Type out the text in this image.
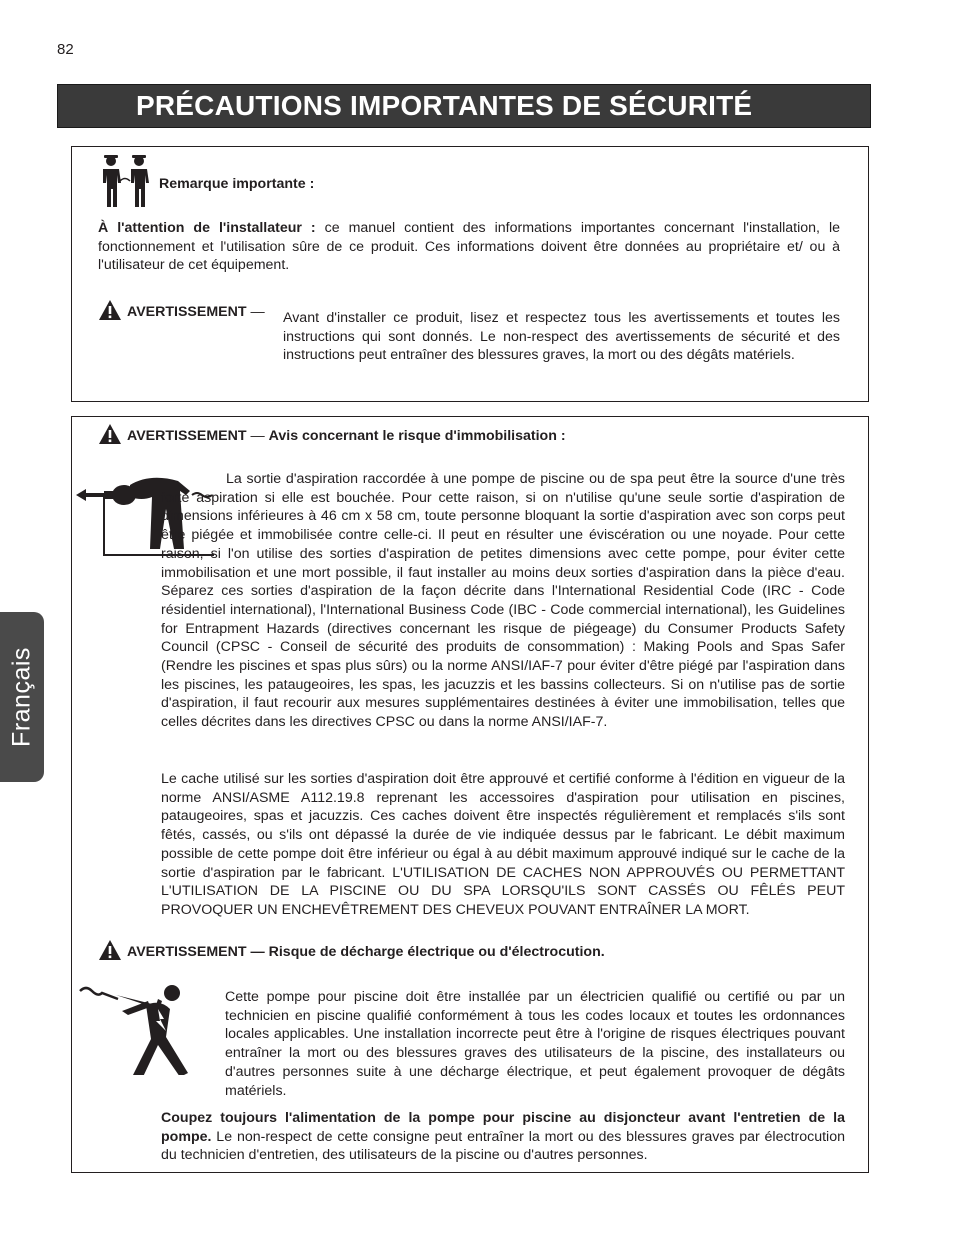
82
PRÉCAUTIONS IMPORTANTES DE SÉCURITÉ
Français

Remarque importante :

À l'attention de l'installateur : ce manuel contient des informations importantes concernant l'installation, le fonctionnement et l'utilisation sûre de ce produit. Ces informations doivent être données au propriétaire et/ ou à l'utilisateur de cet équipement.

AVERTISSEMENT — Avant d'installer ce produit, lisez et respectez tous les avertissements et toutes les instructions qui sont donnés. Le non-respect des avertissements de sécurité et des instructions peut entraîner des blessures graves, la mort ou des dégâts matériels.

AVERTISSEMENT — Avis concernant le risque d'immobilisation :

La sortie d'aspiration raccordée à une pompe de piscine ou de spa peut être la source d'une très forte aspiration si elle est bouchée. Pour cette raison, si on n'utilise qu'une seule sortie d'aspiration de dimensions inférieures à 46 cm x 58 cm, toute personne bloquant la sortie d'aspiration avec son corps peut être piégée et immobilisée contre celle-ci. Il peut en résulter une éviscération ou une noyade. Pour cette raison, si l'on utilise des sorties d'aspiration de petites dimensions avec cette pompe, pour éviter cette immobilisation et une mort possible, il faut installer au moins deux sorties d'aspiration dans la pièce d'eau. Séparez ces sorties d'aspiration de la façon décrite dans l'International Residential Code (IRC - Code résidentiel international), l'International Business Code (IBC - Code commercial international), les Guidelines for Entrapment Hazards (directives concernant les risque de piégeage) du Consumer Products Safety Council (CPSC - Conseil de sécurité des produits de consommation) : Making Pools and Spas Safer (Rendre les piscines et spas plus sûrs) ou la norme ANSI/IAF-7 pour éviter d'être piégé par l'aspiration dans les piscines, les pataugeoires, les spas, les jacuzzis et les bassins collecteurs. Si on n'utilise pas de sortie d'aspiration, il faut recourir aux mesures supplémentaires destinées à éviter une immobilisation, telles que celles décrites dans les directives CPSC ou dans la norme ANSI/IAF-7.

Le cache utilisé sur les sorties d'aspiration doit être approuvé et certifié conforme à l'édition en vigueur de la norme ANSI/ASME A112.19.8 reprenant les accessoires d'aspiration pour utilisation en piscines, pataugeoires, spas et jacuzzis. Ces caches doivent être inspectés régulièrement et remplacés s'ils sont fêtés, cassés, ou s'ils ont dépassé la durée de vie indiquée dessus par le fabricant. Le débit maximum possible de cette pompe doit être inférieur ou égal à au débit maximum approuvé indiqué sur le cache de la sortie d'aspiration par le fabricant. L'UTILISATION DE CACHES NON APPROUVÉS OU PERMETTANT L'UTILISATION DE LA PISCINE OU DU SPA LORSQU'ILS SONT CASSÉS OU FÊLÉS PEUT PROVOQUER UN ENCHEVÊTREMENT DES CHEVEUX POUVANT ENTRAÎNER LA MORT.

AVERTISSEMENT — Risque de décharge électrique ou d'électrocution.

Cette pompe pour piscine doit être installée par un électricien qualifié ou certifié ou par un technicien en piscine qualifié conformément à tous les codes locaux et toutes les ordonnances locales applicables. Une installation incorrecte peut être à l'origine de risques électriques pouvant entraîner la mort ou des blessures graves des utilisateurs de la piscine, des installateurs ou d'autres personnes suite à une décharge électrique, et peut également provoquer de dégâts matériels.

Coupez toujours l'alimentation de la pompe pour piscine au disjoncteur avant l'entretien de la pompe. Le non-respect de cette consigne peut entraîner la mort ou des blessures graves par électrocution du technicien d'entretien, des utilisateurs de la piscine ou d'autres personnes.
